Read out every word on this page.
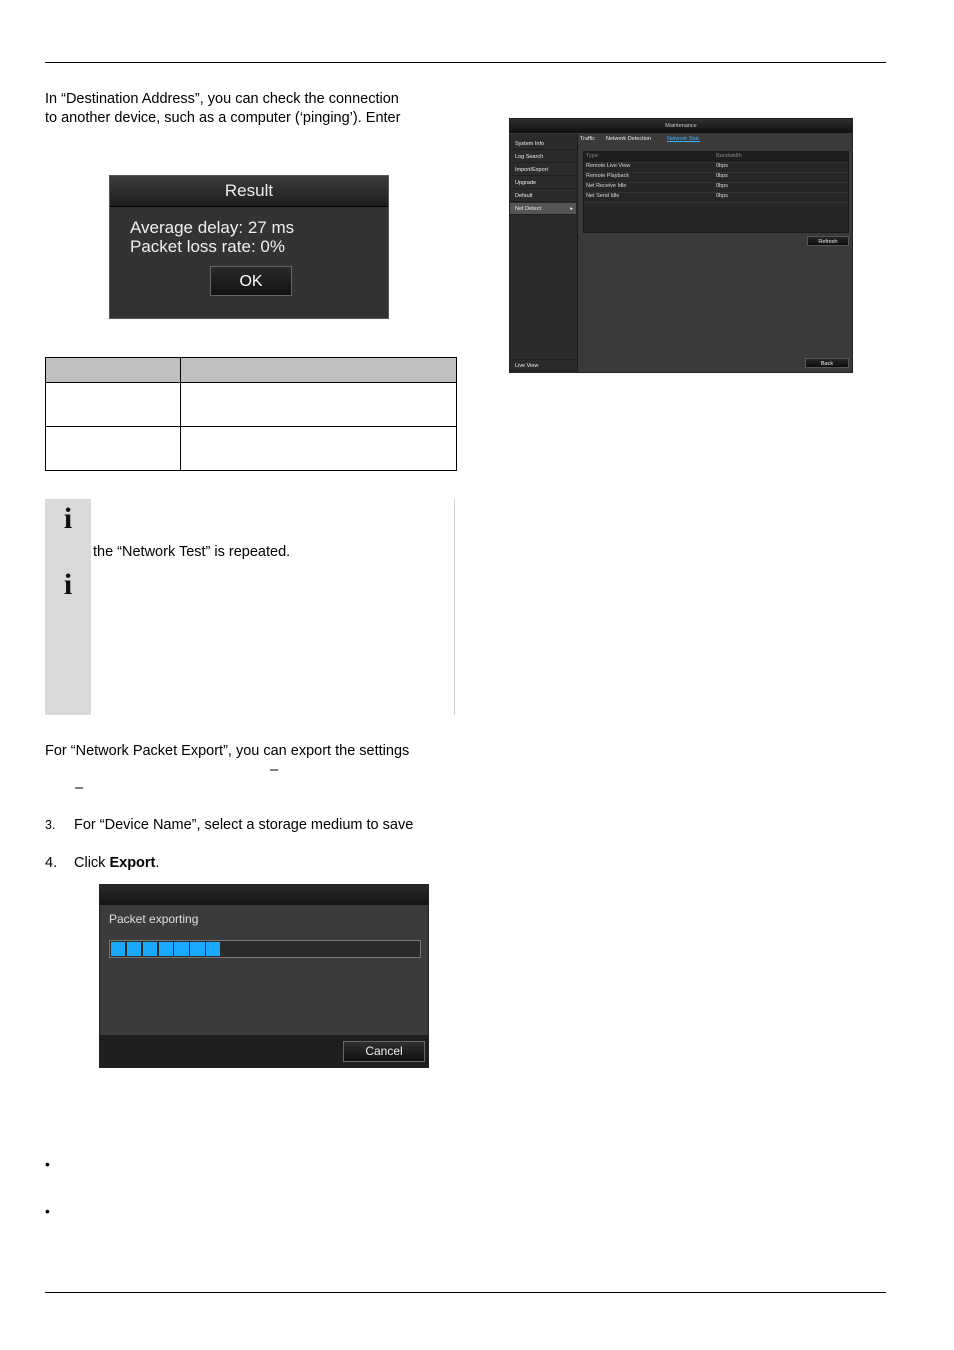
In “Destination Address”, you can check the connection
to another device, such as a computer (‘pinging’). Enter
Result
Average delay: 27 ms
Packet loss rate: 0%
OK

i
i
the “Network Test” is repeated.
Maintenance
System Info
Log Search
Import/Export
Upgrade
Default
Net Detect	▸
Live View
Traffic Network Detection	Network Stat.
Type	Bandwidth
Remote Live View	0bps
Remote Playback	0bps
Net Receive Idle	0bps
Net Send Idle	0bps
Refresh
Back
For “Network Packet Export”, you can export the settings
–
–
3. For “Device Name”, select a storage medium to save
4. Click Export.
Packet exporting
Cancel
•
•
